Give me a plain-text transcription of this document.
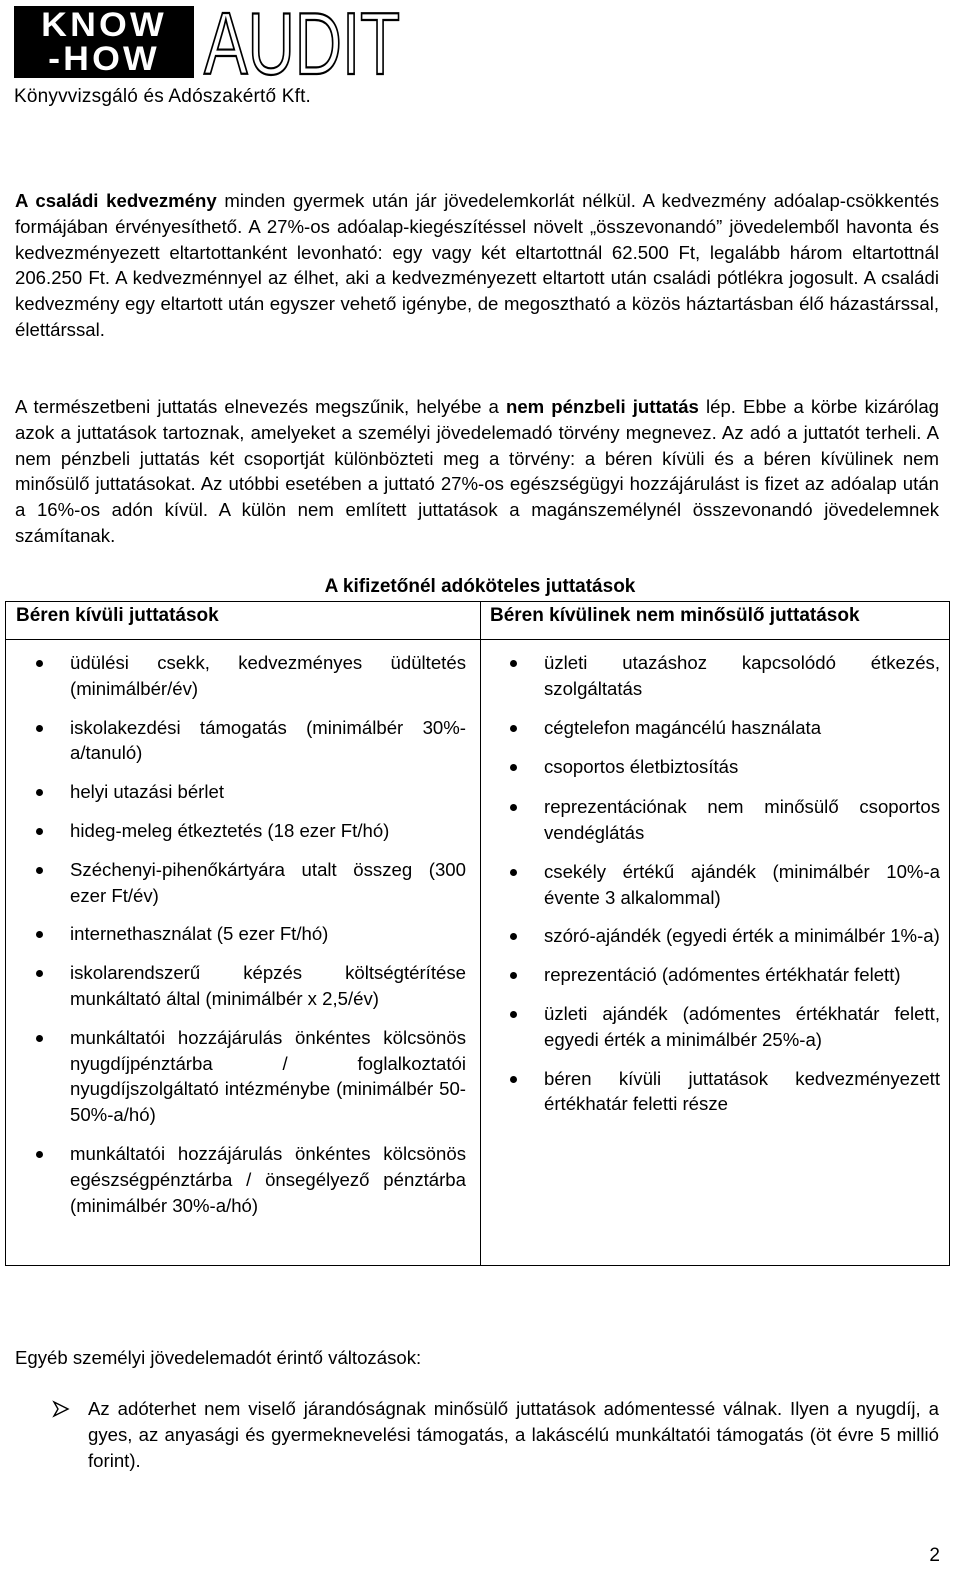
KNOW
-HOW AUDIT
Könyvvizsgáló és Adószakértő Kft.

A családi kedvezmény minden gyermek után jár jövedelemkorlát nélkül. A kedvezmény adóalap-csökkentés formájában érvényesíthető. A 27%-os adóalap-kiegészítéssel növelt „összevonandó” jövedelemből havonta és kedvezményezett eltartottanként levonható: egy vagy két eltartottnál 62.500 Ft, legalább három eltartottnál 206.250 Ft. A kedvezménnyel az élhet, aki a kedvezményezett eltartott után családi pótlékra jogosult. A családi kedvezmény egy eltartott után egyszer vehető igénybe, de megosztható a közös háztartásban élő házastárssal, élettárssal.

A természetbeni juttatás elnevezés megszűnik, helyébe a nem pénzbeli juttatás lép. Ebbe a körbe kizárólag azok a juttatások tartoznak, amelyeket a személyi jövedelemadó törvény megnevez. Az adó a juttatót terheli. A nem pénzbeli juttatás két csoportját különbözteti meg a törvény: a béren kívüli és a béren kívülinek nem minősülő juttatásokat. Az utóbbi esetében a juttató 27%-os egészségügyi hozzájárulást is fizet az adóalap után a 16%-os adón kívül. A külön nem említett juttatások a magánszemélynél összevonandó jövedelemnek számítanak.

A kifizetőnél adóköteles juttatások
Béren kívüli juttatások	Béren kívülinek nem minősülő juttatások
üdülési csekk, kedvezményes üdültetés (minimálbér/év)
iskolakezdési támogatás (minimálbér 30%-a/tanuló)
helyi utazási bérlet
hideg-meleg étkeztetés (18 ezer Ft/hó)
Széchenyi-pihenőkártyára utalt összeg (300 ezer Ft/év)
internethasználat (5 ezer Ft/hó)
iskolarendszerű képzés költségtérítése munkáltató által (minimálbér x 2,5/év)
munkáltatói hozzájárulás önkéntes kölcsönös nyugdíjpénztárba / foglalkoztatói nyugdíjszolgáltató intézménybe (minimálbér 50-50%-a/hó)
munkáltatói hozzájárulás önkéntes kölcsönös egészségpénztárba / önsegélyező pénztárba (minimálbér 30%-a/hó)
üzleti utazáshoz kapcsolódó étkezés, szolgáltatás
cégtelefon magáncélú használata
csoportos életbiztosítás
reprezentációnak nem minősülő csoportos vendéglátás
csekély értékű ajándék (minimálbér 10%-a évente 3 alkalommal)
szóró-ajándék (egyedi érték a minimálbér 1%-a)
reprezentáció (adómentes értékhatár felett)
üzleti ajándék (adómentes értékhatár felett, egyedi érték a minimálbér 25%-a)
béren kívüli juttatások kedvezményezett értékhatár feletti része
Egyéb személyi jövedelemadót érintő változások:

Az adóterhet nem viselő járandóságnak minősülő juttatások adómentessé válnak. Ilyen a nyugdíj, a gyes, az anyasági és gyermeknevelési támogatás, a lakáscélú munkáltatói támogatás (öt évre 5 millió forint).

2
